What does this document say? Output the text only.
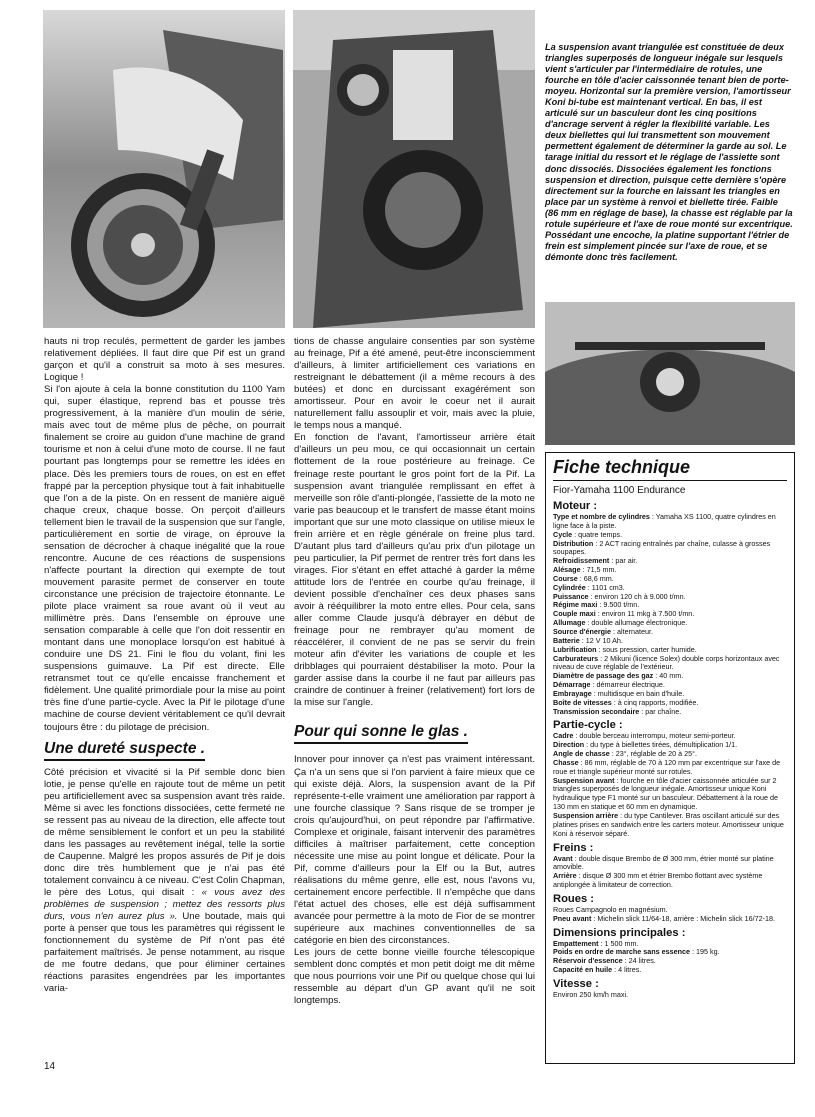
La suspension avant triangulée est constituée de deux triangles superposés de longueur inégale sur lesquels vient s'articuler par l'intermédiaire de rotules, une fourche en tôle d'acier caissonnée tenant bien de porte-moyeu. Horizontal sur la première version, l'amortisseur Koni bi-tube est maintenant vertical. En bas, il est articulé sur un basculeur dont les cinq positions d'ancrage servent à régler la flexibilité variable. Les deux biellettes qui lui transmettent son mouvement permettent également de déterminer la garde au sol. Le tarage initial du ressort et le réglage de l'assiette sont donc dissociés. Dissociées également les fonctions suspension et direction, puisque cette dernière s'opère directement sur la fourche en laissant les triangles en place par un système à renvoi et biellette tirée. Faible (86 mm en réglage de base), la chasse est réglable par la rotule supérieure et l'axe de roue monté sur excentrique. Possédant une encoche, la platine supportant l'étrier de frein est simplement pincée sur l'axe de roue, et se démonte donc très facilement.

hauts ni trop reculés, permettent de garder les jambes relativement dépliées. Il faut dire que Pif est un grand garçon et qu'il a construit sa moto à ses mesures. Logique !

Si l'on ajoute à cela la bonne constitution du 1100 Yam qui, super élastique, reprend bas et pousse très progressivement, à la manière d'un moulin de série, mais avec tout de même plus de pêche, on pourrait finalement se croire au guidon d'une machine de grand tourisme et non à celui d'une moto de course. Il ne faut pourtant pas longtemps pour se remettre les idées en place. Dès les premiers tours de roues, on est en effet frappé par la perception physique tout à fait inhabituelle que l'on a de la piste. On en ressent de manière aiguë chaque creux, chaque bosse. On perçoit d'ailleurs tellement bien le travail de la suspension que sur l'angle, particulièrement en sortie de virage, on éprouve la sensation de décrocher à chaque inégalité que la roue rencontre. Aucune de ces réactions de suspensions n'affecte pourtant la direction qui exempte de tout mouvement parasite permet de conserver en toute circonstance une précision de trajectoire étonnante. Le pilote place vraiment sa roue avant où il veut au millimètre près. Dans l'ensemble on éprouve une sensation comparable à celle que l'on doit ressentir en montant dans une monoplace lorsqu'on est habitué à conduire une DS 21. Fini le flou du volant, fini les suspensions guimauve. La Pif est directe. Elle retransmet tout ce qu'elle encaisse franchement et fidèlement. Une qualité primordiale pour la mise au point très fine d'une partie-cycle. Avec la Pif le pilotage d'une machine de course devient véritablement ce qu'il devrait toujours être : du pilotage de précision.

Une dureté suspecte .

Côté précision et vivacité si la Pif semble donc bien lotie, je pense qu'elle en rajoute tout de même un petit peu artificiellement avec sa suspension avant très raide. Même si avec les fonctions dissociées, cette fermeté ne se ressent pas au niveau de la direction, elle affecte tout de même sensiblement le confort et un peu la stabilité dans les passages au revêtement inégal, telle la sortie de Caupenne. Malgré les propos assurés de Pif je dois donc dire très humblement que je n'ai pas été totalement convaincu à ce niveau. C'est Colin Chapman, le père des Lotus, qui disait : « vous avez des problèmes de suspension ; mettez des ressorts plus durs, vous n'en aurez plus ». Une boutade, mais qui porte à penser que tous les paramètres qui régissent le fonctionnement du système de Pif n'ont pas été parfaitement maîtrisés. Je pense notamment, au risque de me foutre dedans, que pour éliminer certaines réactions parasites engendrées par les importantes varia-

tions de chasse angulaire consenties par son système au freinage, Pif a été amené, peut-être inconsciemment d'ailleurs, à limiter artificiellement ces variations en restreignant le débattement (il a même recours à des butées) et donc en durcissant exagérément son amortisseur. Pour en avoir le coeur net il aurait naturellement fallu assouplir et voir, mais avec la pluie, le temps nous a manqué.

En fonction de l'avant, l'amortisseur arrière était d'ailleurs un peu mou, ce qui occasionnait un certain flottement de la roue postérieure au freinage. Ce freinage reste pourtant le gros point fort de la Pif. La suspension avant triangulée remplissant en effet à merveille son rôle d'anti-plongée, l'assiette de la moto ne varie pas beaucoup et le transfert de masse étant moins important que sur une moto classique on utilise mieux le frein arrière et en règle générale on freine plus tard. D'autant plus tard d'ailleurs qu'au prix d'un pilotage un peu particulier, la Pif permet de rentrer très fort dans les virages. Fior s'étant en effet attaché à garder la même attitude lors de l'entrée en courbe qu'au freinage, il devient possible d'enchaîner ces deux phases sans avoir à rééquilibrer la moto entre elles. Pour cela, sans aller comme Claude jusqu'à débrayer en début de freinage pour ne rembrayer qu'au moment de réaccélérer, il convient de ne pas se servir du frein moteur afin d'éviter les variations de couple et les dribblages qui pourraient déstabiliser la moto. Pour la garder assise dans la courbe il ne faut par ailleurs pas craindre de continuer à freiner (relativement) fort lors de la mise sur l'angle.

Pour qui sonne le glas .

Innover pour innover ça n'est pas vraiment intéressant. Ça n'a un sens que si l'on parvient à faire mieux que ce qui existe déjà. Alors, la suspension avant de la Pif représente-t-elle vraiment une amélioration par rapport à une fourche classique ? Sans risque de se tromper je crois qu'aujourd'hui, on peut répondre par l'affirmative. Complexe et originale, faisant intervenir des paramètres difficiles à maîtriser parfaitement, cette conception nécessite une mise au point longue et délicate. Pour la Pif, comme d'ailleurs pour la Elf ou la But, autres réalisations du même genre, elle est, nous l'avons vu, certainement encore perfectible. Il n'empêche que dans l'état actuel des choses, elle est déjà suffisamment avancée pour permettre à la moto de Fior de se montrer supérieure aux machines conventionnelles de sa catégorie en bien des circonstances.

Les jours de cette bonne vieille fourche télescopique semblent donc comptés et mon petit doigt me dit même que nous pourrions voir une Pif ou quelque chose qui lui ressemble au départ d'un GP avant qu'il ne soit longtemps.

Fiche technique
Fior-Yamaha 1100 Endurance
Moteur :
Type et nombre de cylindres : Yamaha XS 1100, quatre cylindres en ligne face à la piste.
Cycle : quatre temps.
Distribution : 2 ACT racing entraînés par chaîne, culasse à grosses soupapes.
Refroidissement : par air.
Alésage : 71,5 mm.
Course : 68,6 mm.
Cylindrée : 1101 cm3.
Puissance : environ 120 ch à 9.000 t/mn.
Régime maxi : 9.500 t/mn.
Couple maxi : environ 11 mkg à 7.500 t/mn.
Allumage : double allumage électronique.
Source d'énergie : alternateur.
Batterie : 12 V 10 Ah.
Lubrification : sous pression, carter humide.
Carburateurs : 2 Mikuni (licence Solex) double corps horizontaux avec niveau de cuve réglable de l'extérieur.
Diamètre de passage des gaz : 40 mm.
Démarrage : démarreur électrique.
Embrayage : multidisque en bain d'huile.
Boîte de vitesses : à cinq rapports, modifiée.
Transmission secondaire : par chaîne.
Partie-cycle :
Cadre : double berceau interrompu, moteur semi-porteur.
Direction : du type à biellettes tirées, démultiplication 1/1.
Angle de chasse : 23°, réglable de 20 à 25°.
Chasse : 86 mm, réglable de 70 à 120 mm par excentrique sur l'axe de roue et triangle supérieur monté sur rotules.
Suspension avant : fourche en tôle d'acier caissonnée articulée sur 2 triangles superposés de longueur inégale. Amortisseur unique Koni hydraulique type F1 monté sur un basculeur. Débattement à la roue de 130 mm en statique et 60 mm en dynamique.
Suspension arrière : du type Cantilever. Bras oscillant articulé sur des platines prises en sandwich entre les carters moteur. Amortisseur unique Koni à réservoir séparé.
Freins :
Avant : double disque Brembo de Ø 300 mm, étrier monté sur platine amovible.
Arrière : disque Ø 300 mm et étrier Brembo flottant avec système antiplongée à limitateur de correction.
Roues :
Roues Campagnolo en magnésium.
Pneu avant : Michelin slick 11/64-18, arrière : Michelin slick 16/72-18.
Dimensions principales :
Empattement : 1 500 mm.
Poids en ordre de marche sans essence : 195 kg.
Réservoir d'essence : 24 litres.
Capacité en huile : 4 litres.
Vitesse :
Environ 250 km/h maxi.
14
